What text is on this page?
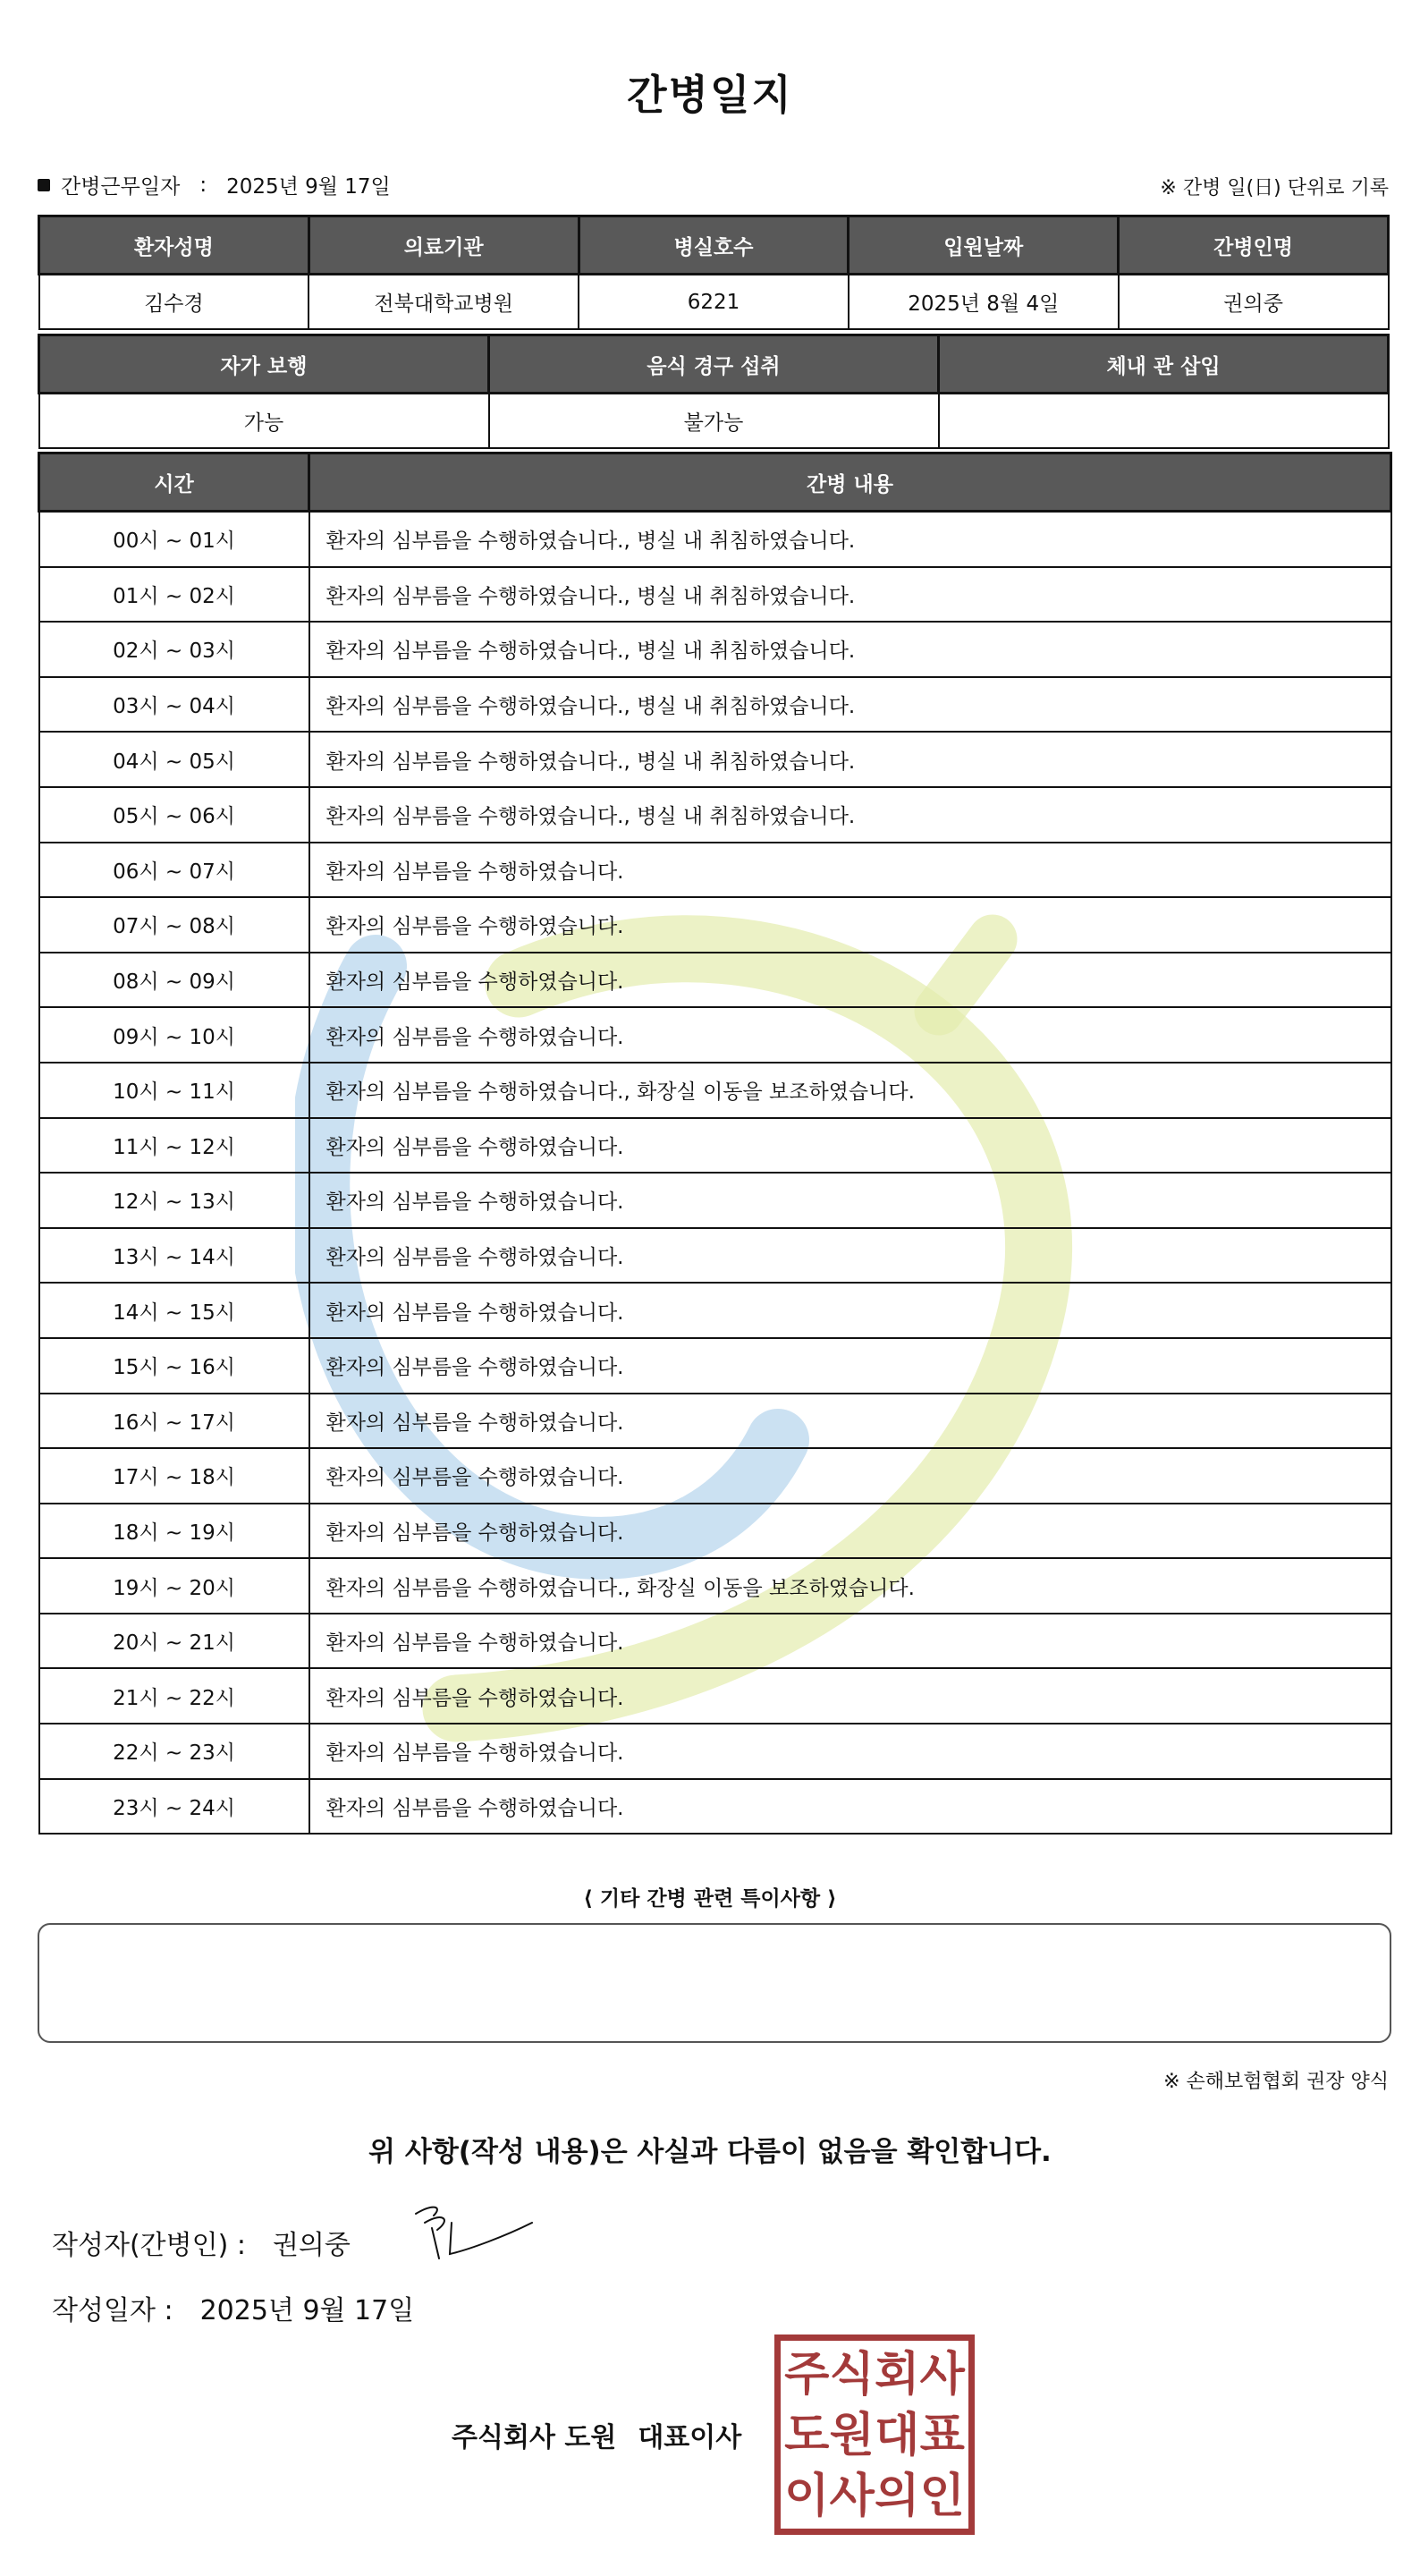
간병일지
간병근무일자 : 2025년 9월 17일	※ 간병 일(日) 단위로 기록
환자성명	의료기관	병실호수	입원날짜	간병인명
김수경	전북대학교병원	6221	2025년 8월 4일	권의중
자가 보행	음식 경구 섭취	체내 관 삽입
가능	불가능	
시간	간병 내용
00시 ~ 01시	환자의 심부름을 수행하였습니다., 병실 내 취침하였습니다.
01시 ~ 02시	환자의 심부름을 수행하였습니다., 병실 내 취침하였습니다.
02시 ~ 03시	환자의 심부름을 수행하였습니다., 병실 내 취침하였습니다.
03시 ~ 04시	환자의 심부름을 수행하였습니다., 병실 내 취침하였습니다.
04시 ~ 05시	환자의 심부름을 수행하였습니다., 병실 내 취침하였습니다.
05시 ~ 06시	환자의 심부름을 수행하였습니다., 병실 내 취침하였습니다.
06시 ~ 07시	환자의 심부름을 수행하였습니다.
07시 ~ 08시	환자의 심부름을 수행하였습니다.
08시 ~ 09시	환자의 심부름을 수행하였습니다.
09시 ~ 10시	환자의 심부름을 수행하였습니다.
10시 ~ 11시	환자의 심부름을 수행하였습니다., 화장실 이동을 보조하였습니다.
11시 ~ 12시	환자의 심부름을 수행하였습니다.
12시 ~ 13시	환자의 심부름을 수행하였습니다.
13시 ~ 14시	환자의 심부름을 수행하였습니다.
14시 ~ 15시	환자의 심부름을 수행하였습니다.
15시 ~ 16시	환자의 심부름을 수행하였습니다.
16시 ~ 17시	환자의 심부름을 수행하였습니다.
17시 ~ 18시	환자의 심부름을 수행하였습니다.
18시 ~ 19시	환자의 심부름을 수행하였습니다.
19시 ~ 20시	환자의 심부름을 수행하였습니다., 화장실 이동을 보조하였습니다.
20시 ~ 21시	환자의 심부름을 수행하였습니다.
21시 ~ 22시	환자의 심부름을 수행하였습니다.
22시 ~ 23시	환자의 심부름을 수행하였습니다.
23시 ~ 24시	환자의 심부름을 수행하였습니다.
⟨ 기타 간병 관련 특이사항 ⟩
※ 손해보험협회 권장 양식
위 사항(작성 내용)은 사실과 다름이 없음을 확인합니다.
작성자(간병인) : 권의중
작성일자 : 2025년 9월 17일
주식회사 도원 대표이사
주 식 회 사
도 원 대 표
이 사 의 인
